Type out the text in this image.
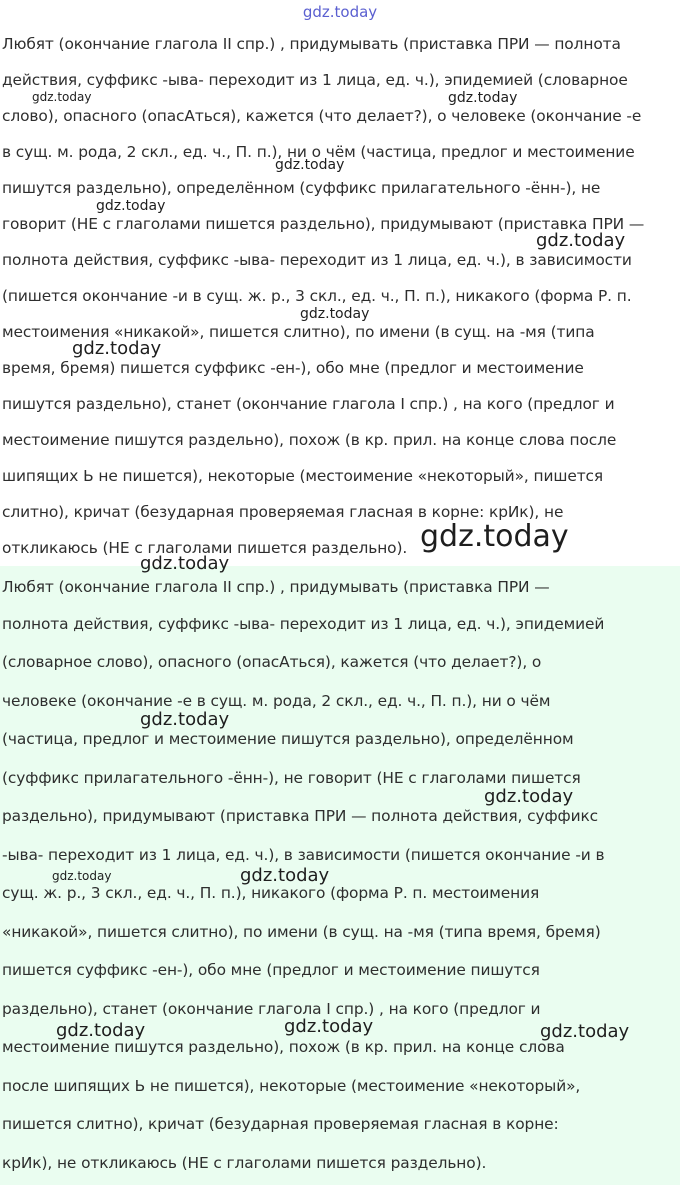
gdz.today
Любят (окончание глагола II спр.) , придумывать (приставка ПРИ — полнота
действия, суффикс -ыва- переходит из 1 лица, ед. ч.), эпидемией (словарное
слово), опасного (опасАться), кажется (что делает?), о человеке (окончание -е
в сущ. м. рода, 2 скл., ед. ч., П. п.), ни о чём (частица, предлог и местоимение
пишутся раздельно), определённом (суффикс прилагательного -ённ-), не
говорит (НЕ с глаголами пишется раздельно), придумывают (приставка ПРИ —
полнота действия, суффикс -ыва- переходит из 1 лица, ед. ч.), в зависимости
(пишется окончание -и в сущ. ж. р., 3 скл., ед. ч., П. п.), никакого (форма Р. п.
местоимения «никакой», пишется слитно), по имени (в сущ. на -мя (типа
время, бремя) пишется суффикс -ен-), обо мне (предлог и местоимение
пишутся раздельно), станет (окончание глагола I спр.) , на кого (предлог и
местоимение пишутся раздельно), похож (в кр. прил. на конце слова после
шипящих Ь не пишется), некоторые (местоимение «некоторый», пишется
слитно), кричат (безударная проверяемая гласная в корне: крИк), не
откликаюсь (НЕ с глаголами пишется раздельно).
Любят (окончание глагола II спр.) , придумывать (приставка ПРИ —
полнота действия, суффикс -ыва- переходит из 1 лица, ед. ч.), эпидемией
(словарное слово), опасного (опасАться), кажется (что делает?), о
человеке (окончание -е в сущ. м. рода, 2 скл., ед. ч., П. п.), ни о чём
(частица, предлог и местоимение пишутся раздельно), определённом
(суффикс прилагательного -ённ-), не говорит (НЕ с глаголами пишется
раздельно), придумывают (приставка ПРИ — полнота действия, суффикс
-ыва- переходит из 1 лица, ед. ч.), в зависимости (пишется окончание -и в
сущ. ж. р., 3 скл., ед. ч., П. п.), никакого (форма Р. п. местоимения
«никакой», пишется слитно), по имени (в сущ. на -мя (типа время, бремя)
пишется суффикс -ен-), обо мне (предлог и местоимение пишутся
раздельно), станет (окончание глагола I спр.) , на кого (предлог и
местоимение пишутся раздельно), похож (в кр. прил. на конце слова
после шипящих Ь не пишется), некоторые (местоимение «некоторый»,
пишется слитно), кричат (безударная проверяемая гласная в корне:
крИк), не откликаюсь (НЕ с глаголами пишется раздельно).
gdz.today	gdz.today
gdz.today
gdz.today
gdz.today
gdz.today
gdz.today
gdz.today
gdz.today
gdz.today
gdz.today
gdz.today	gdz.today
gdz.today	gdz.today	gdz.today
